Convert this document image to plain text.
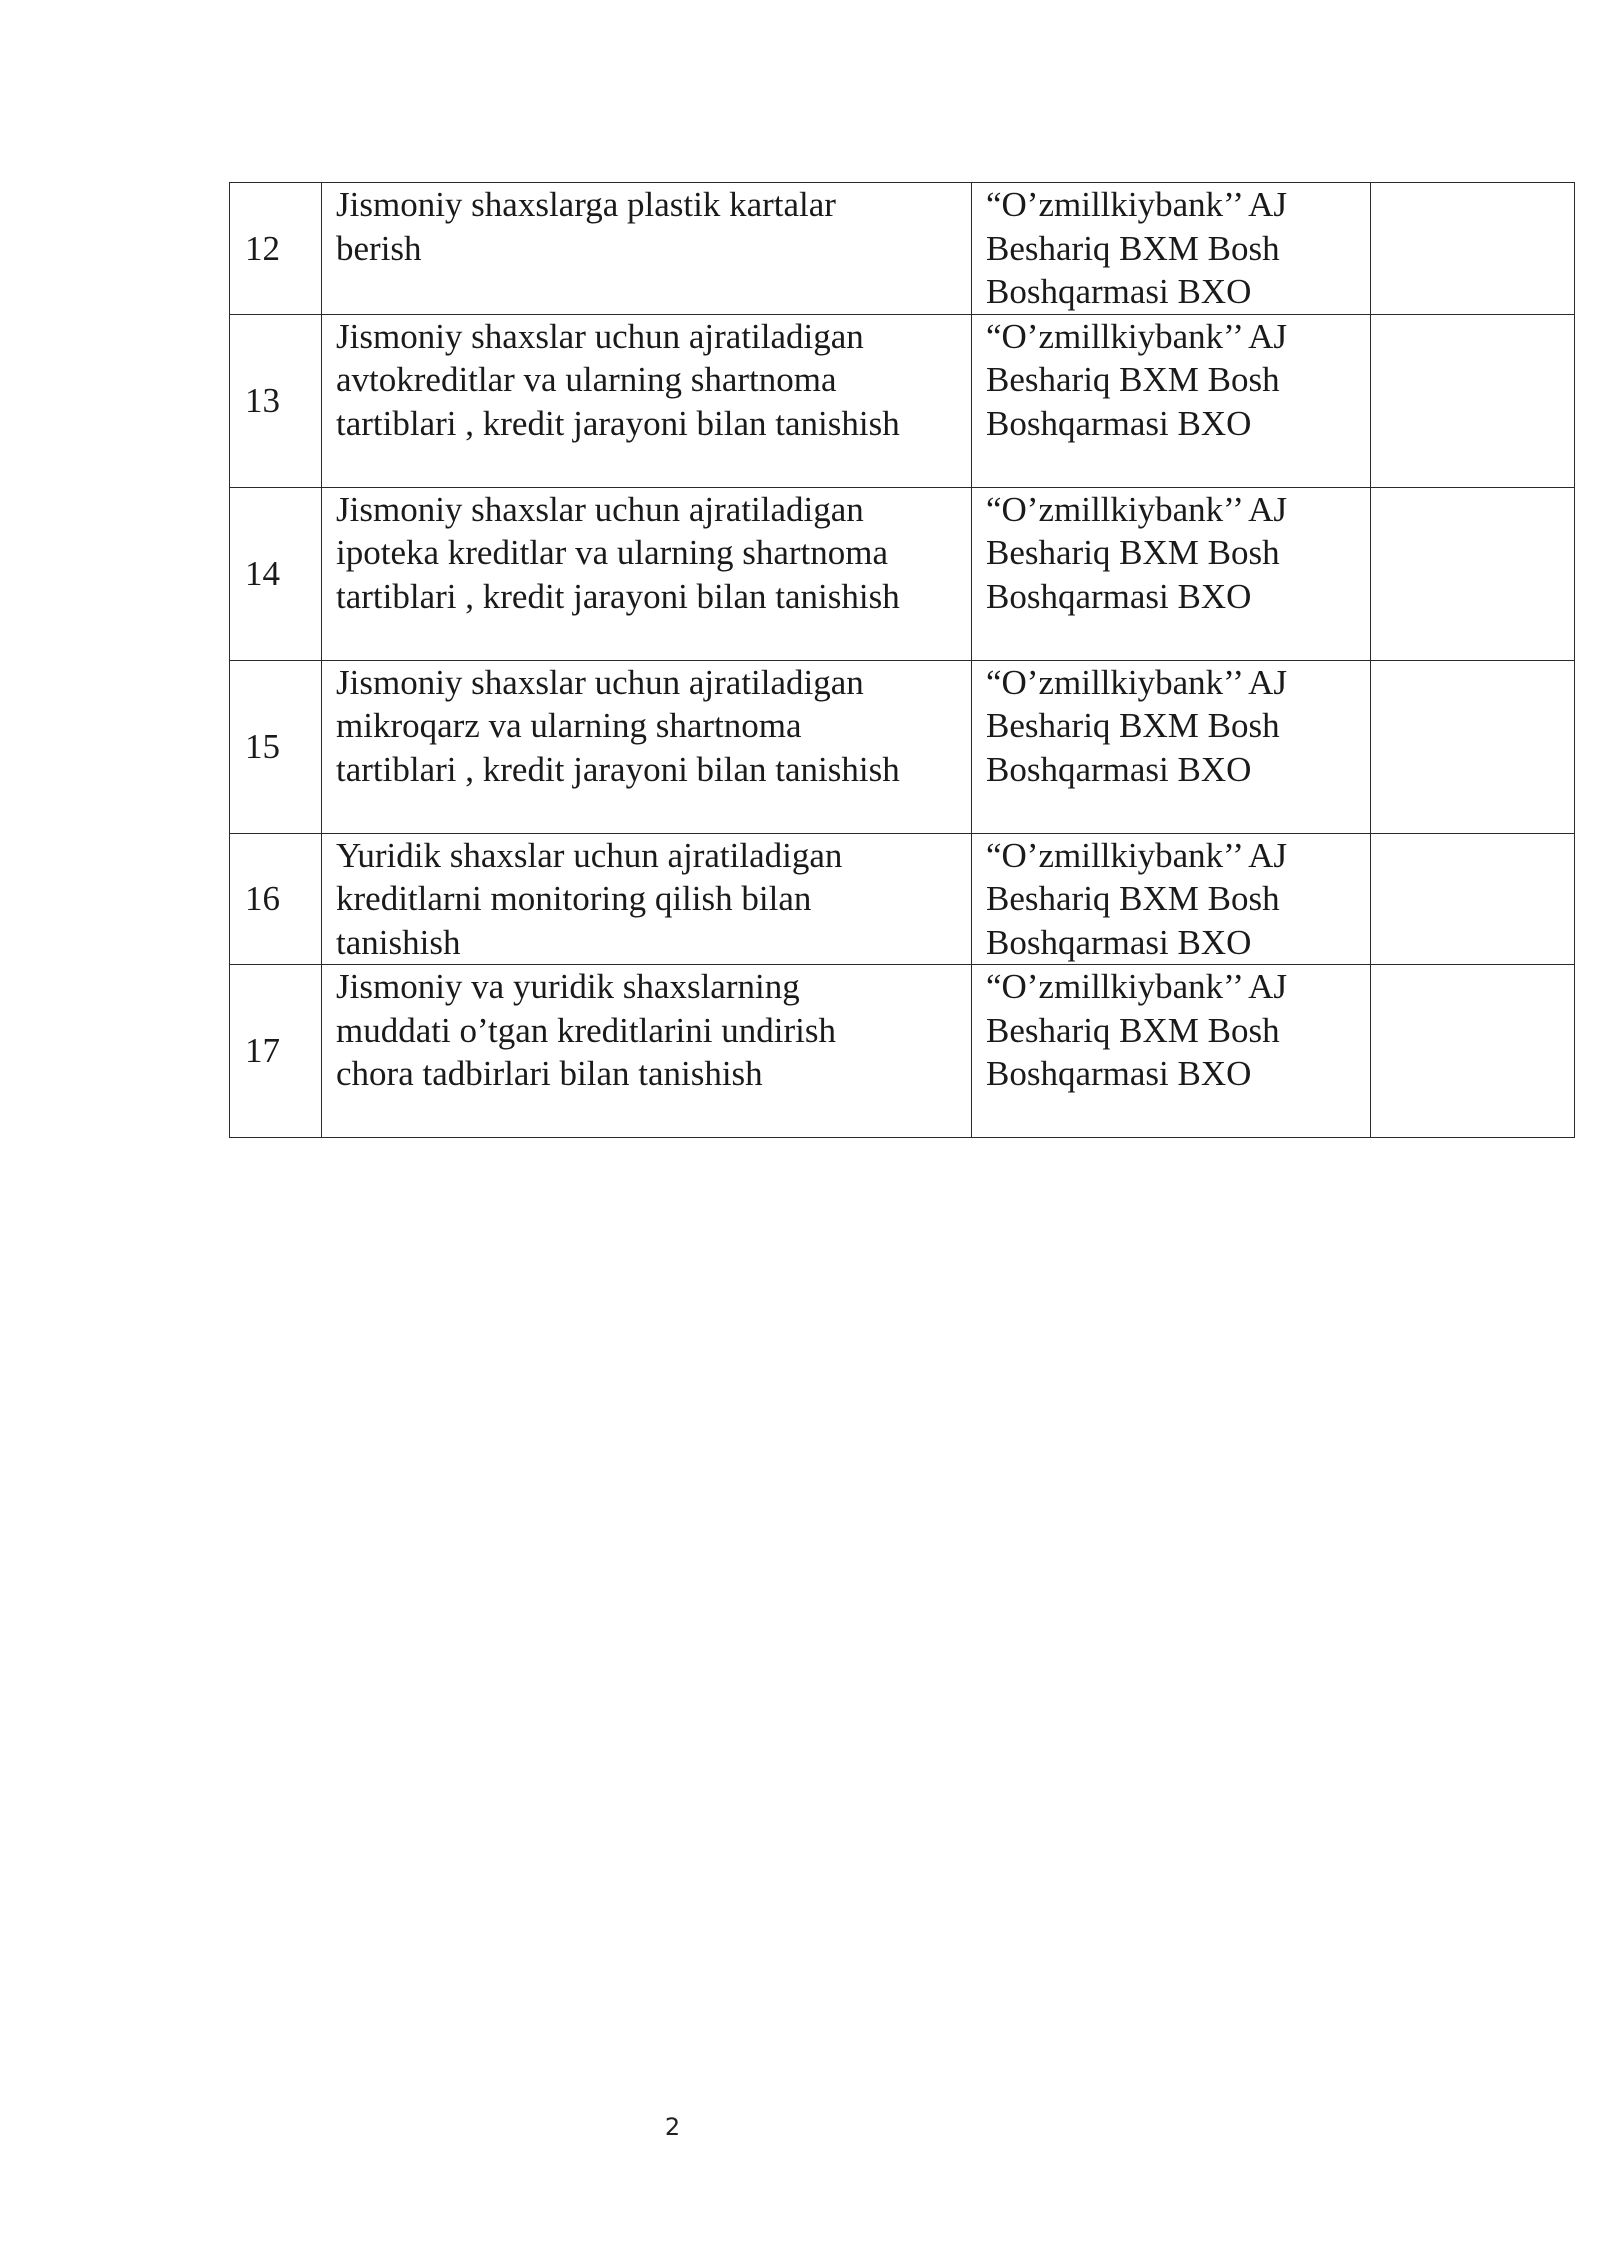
12	Jismoniy shaxslarga plastik kartalar
berish	“O’zmillkiybank’’ AJ
Beshariq BXM Bosh
Boshqarmasi BXO	
13	Jismoniy shaxslar uchun ajratiladigan
avtokreditlar va ularning shartnoma
tartiblari , kredit jarayoni bilan tanishish	“O’zmillkiybank’’ AJ
Beshariq BXM Bosh
Boshqarmasi BXO	
14	Jismoniy shaxslar uchun ajratiladigan
ipoteka kreditlar va ularning shartnoma
tartiblari , kredit jarayoni bilan tanishish	“O’zmillkiybank’’ AJ
Beshariq BXM Bosh
Boshqarmasi BXO	
15	Jismoniy shaxslar uchun ajratiladigan
mikroqarz va ularning shartnoma
tartiblari , kredit jarayoni bilan tanishish	“O’zmillkiybank’’ AJ
Beshariq BXM Bosh
Boshqarmasi BXO	
16	Yuridik shaxslar uchun ajratiladigan
kreditlarni monitoring qilish bilan
tanishish	“O’zmillkiybank’’ AJ
Beshariq BXM Bosh
Boshqarmasi BXO	
17	Jismoniy va yuridik shaxslarning
muddati o’tgan kreditlarini undirish
chora tadbirlari bilan tanishish	“O’zmillkiybank’’ AJ
Beshariq BXM Bosh
Boshqarmasi BXO	
2
